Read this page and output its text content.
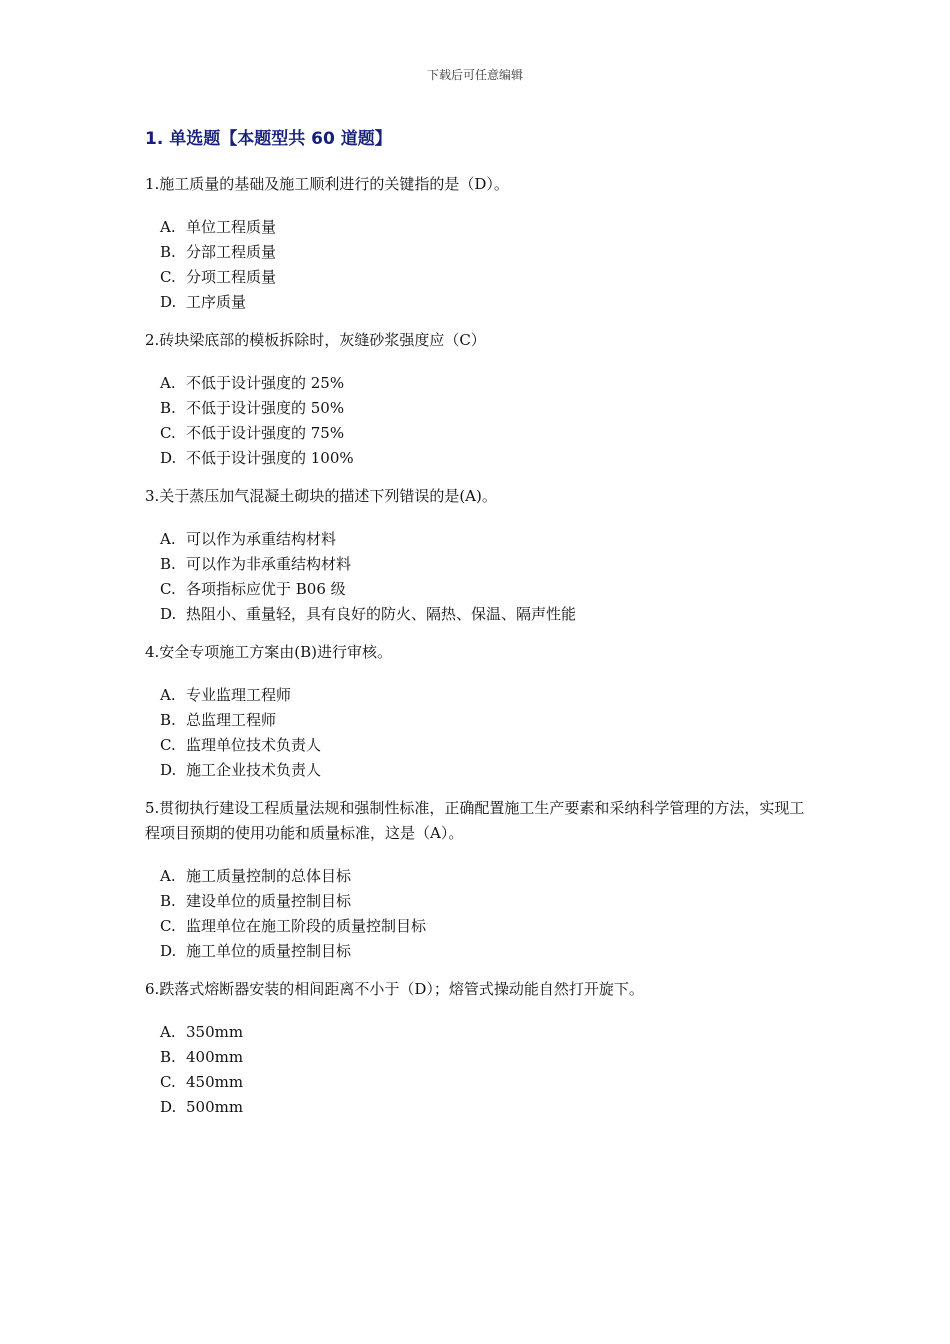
下载后可任意编辑
1. 单选题【本题型共 60 道题】

1.施工质量的基础及施工顺利进行的关键指的是（D）。

A. 单位工程质量
B. 分部工程质量
C. 分项工程质量
D. 工序质量

2.砖块梁底部的模板拆除时，灰缝砂浆强度应（C）

A. 不低于设计强度的 25%
B. 不低于设计强度的 50%
C. 不低于设计强度的 75%
D. 不低于设计强度的 100%

3.关于蒸压加气混凝土砌块的描述下列错误的是(A)。

A. 可以作为承重结构材料
B. 可以作为非承重结构材料
C. 各项指标应优于 B06 级
D. 热阻小、重量轻，具有良好的防火、隔热、保温、隔声性能

4.安全专项施工方案由(B)进行审核。

A. 专业监理工程师
B. 总监理工程师
C. 监理单位技术负责人
D. 施工企业技术负责人

5.贯彻执行建设工程质量法规和强制性标准，正确配置施工生产要素和采纳科学管理的方法，实现工程项目预期的使用功能和质量标准，这是（A）。

A. 施工质量控制的总体目标
B. 建设单位的质量控制目标
C. 监理单位在施工阶段的质量控制目标
D. 施工单位的质量控制目标

6.跌落式熔断器安装的相间距离不小于（D）；熔管式操动能自然打开旋下。

A. 350mm
B. 400mm
C. 450mm
D. 500mm
